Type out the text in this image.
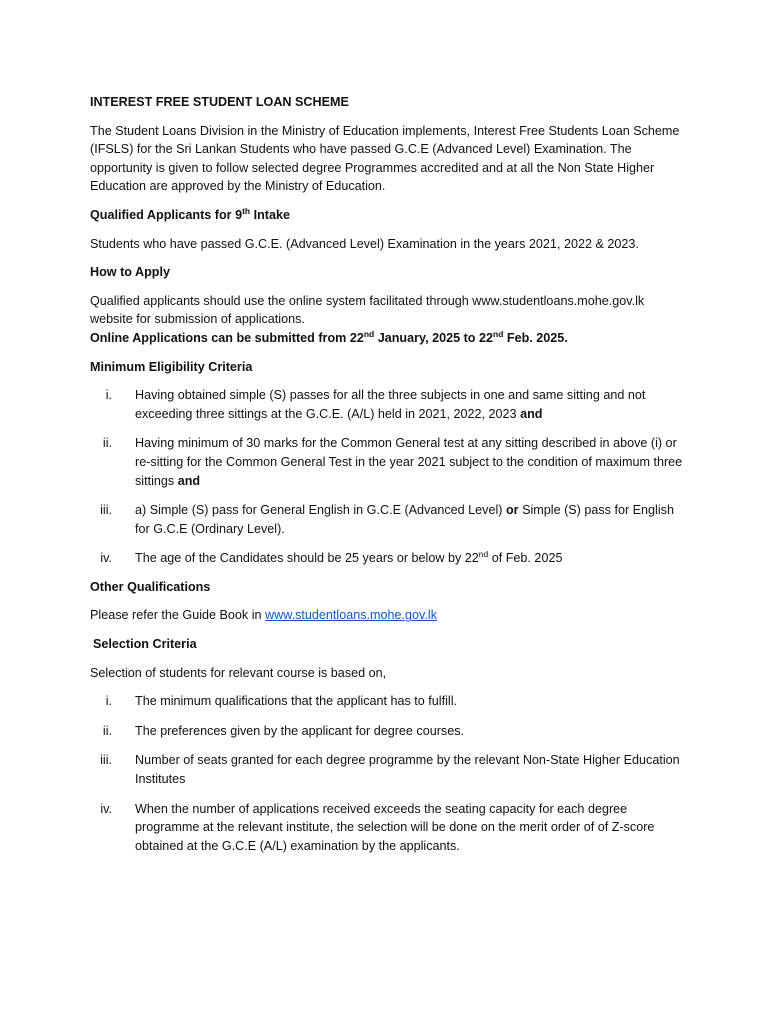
INTEREST FREE STUDENT LOAN SCHEME

The Student Loans Division in the Ministry of Education implements, Interest Free Students Loan Scheme (IFSLS) for the Sri Lankan Students who have passed G.C.E (Advanced Level) Examination. The opportunity is given to follow selected degree Programmes accredited and at all the Non State Higher Education are approved by the Ministry of Education.

Qualified Applicants for 9th Intake

Students who have passed G.C.E. (Advanced Level) Examination in the years 2021, 2022 & 2023.

How to Apply

Qualified applicants should use the online system facilitated through www.studentloans.mohe.gov.lk website for submission of applications.

Online Applications can be submitted from 22nd January, 2025 to 22nd Feb. 2025.

Minimum Eligibility Criteria
i. Having obtained simple (S) passes for all the three subjects in one and same sitting and not exceeding three sittings at the G.C.E. (A/L) held in 2021, 2022, 2023 and
ii. Having minimum of 30 marks for the Common General test at any sitting described in above (i) or re-sitting for the Common General Test in the year 2021 subject to the condition of maximum three sittings and
iii. a) Simple (S) pass for General English in G.C.E (Advanced Level) or Simple (S) pass for English for G.C.E (Ordinary Level).
iv. The age of the Candidates should be 25 years or below by 22nd of Feb. 2025
Other Qualifications

Please refer the Guide Book in www.studentloans.mohe.gov.lk

Selection Criteria

Selection of students for relevant course is based on,

i. The minimum qualifications that the applicant has to fulfill.
ii. The preferences given by the applicant for degree courses.
iii. Number of seats granted for each degree programme by the relevant Non-State Higher Education Institutes
iv. When the number of applications received exceeds the seating capacity for each degree programme at the relevant institute, the selection will be done on the merit order of of Z-score obtained at the G.C.E (A/L) examination by the applicants.
